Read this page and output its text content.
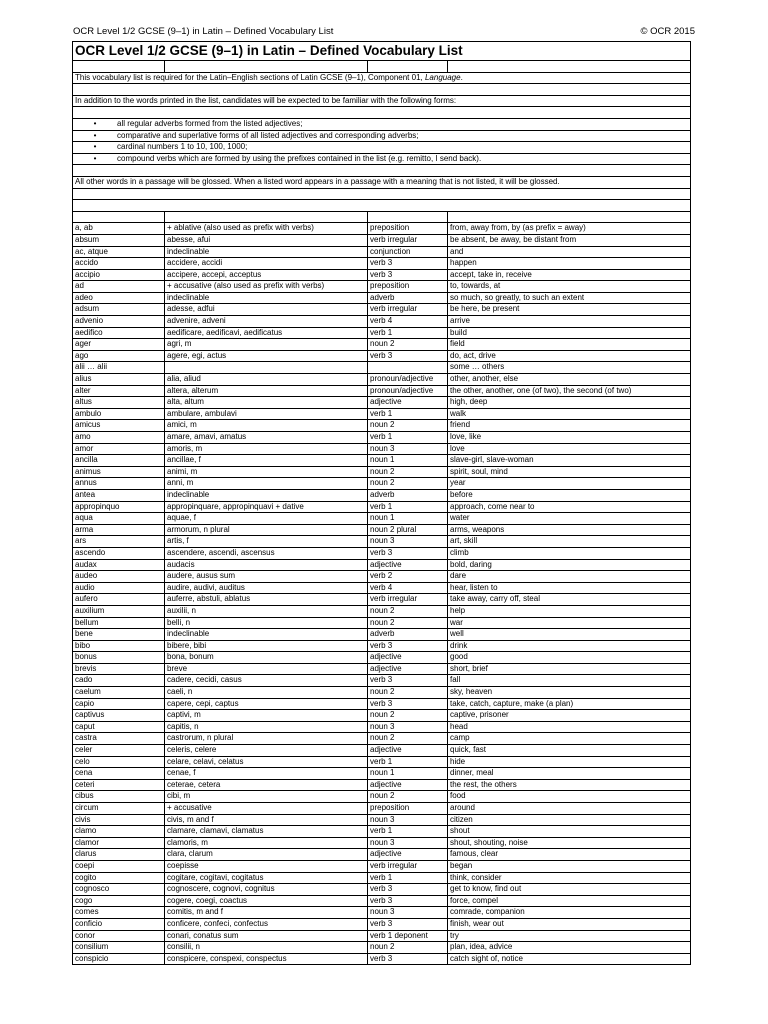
OCR Level 1/2 GCSE (9–1) in Latin – Defined Vocabulary List	© OCR 2015
OCR Level 1/2 GCSE (9–1) in Latin – Defined Vocabulary List			

This vocabulary list is required for the Latin–English sections of Latin GCSE (9–1), Component 01, Language.			

In addition to the words printed in the list, candidates will be expected to be familiar with the following forms:			

• all regular adverbs formed from the listed adjectives;			

• comparative and superlative forms of all listed adjectives and corresponding adverbs;			

• cardinal numbers 1 to 10, 100, 1000;			

• compound verbs which are formed by using the prefixes contained in the list (e.g. remitto, I send back).			

All other words in a passage will be glossed. When a listed word appears in a passage with a meaning that is not listed, it will be glossed.			

a, ab	+ ablative (also used as prefix with verbs)	preposition	from, away from, by (as prefix = away)
absum	abesse, afui	verb irregular	be absent, be away, be distant from
ac, atque	indeclinable	conjunction	and
accido	accidere, accidi	verb 3	happen
accipio	accipere, accepi, acceptus	verb 3	accept, take in, receive
ad	+ accusative (also used as prefix with verbs)	preposition	to, towards, at
adeo	indeclinable	adverb	so much, so greatly, to such an extent
adsum	adesse, adfui	verb irregular	be here, be present
advenio	advenire, adveni	verb 4	arrive
aedifico	aedificare, aedificavi, aedificatus	verb 1	build
ager	agri, m	noun 2	field
ago	agere, egi, actus	verb 3	do, act, drive
alii … alii			some … others
alius	alia, aliud	pronoun/adjective	other, another, else
alter	altera, alterum	pronoun/adjective	the other, another, one (of two), the second (of two)
altus	alta, altum	adjective	high, deep
ambulo	ambulare, ambulavi	verb 1	walk
amicus	amici, m	noun 2	friend
amo	amare, amavi, amatus	verb 1	love, like
amor	amoris, m	noun 3	love
ancilla	ancillae, f	noun 1	slave-girl, slave-woman
animus	animi, m	noun 2	spirit, soul, mind
annus	anni, m	noun 2	year
antea	indeclinable	adverb	before
appropinquo	appropinquare, appropinquavi + dative	verb 1	approach, come near to
aqua	aquae, f	noun 1	water
arma	armorum, n plural	noun 2 plural	arms, weapons
ars	artis, f	noun 3	art, skill
ascendo	ascendere, ascendi, ascensus	verb 3	climb
audax	audacis	adjective	bold, daring
audeo	audere, ausus sum	verb 2	dare
audio	audire, audivi, auditus	verb 4	hear, listen to
aufero	auferre, abstuli, ablatus	verb irregular	take away, carry off, steal
auxilium	auxilii, n	noun 2	help
bellum	belli, n	noun 2	war
bene	indeclinable	adverb	well
bibo	bibere, bibi	verb 3	drink
bonus	bona, bonum	adjective	good
brevis	breve	adjective	short, brief
cado	cadere, cecidi, casus	verb 3	fall
caelum	caeli, n	noun 2	sky, heaven
capio	capere, cepi, captus	verb 3	take, catch, capture, make (a plan)
captivus	captivi, m	noun 2	captive, prisoner
caput	capitis, n	noun 3	head
castra	castrorum, n plural	noun 2	camp
celer	celeris, celere	adjective	quick, fast
celo	celare, celavi, celatus	verb 1	hide
cena	cenae, f	noun 1	dinner, meal
ceteri	ceterae, cetera	adjective	the rest, the others
cibus	cibi, m	noun 2	food
circum	+ accusative	preposition	around
civis	civis, m and f	noun 3	citizen
clamo	clamare, clamavi, clamatus	verb 1	shout
clamor	clamoris, m	noun 3	shout, shouting, noise
clarus	clara, clarum	adjective	famous, clear
coepi	coepisse	verb irregular	began
cogito	cogitare, cogitavi, cogitatus	verb 1	think, consider
cognosco	cognoscere, cognovi, cognitus	verb 3	get to know, find out
cogo	cogere, coegi, coactus	verb 3	force, compel
comes	comitis, m and f	noun 3	comrade, companion
conficio	conficere, confeci, confectus	verb 3	finish, wear out
conor	conari, conatus sum	verb 1 deponent	try
consilium	consilii, n	noun 2	plan, idea, advice
conspicio	conspicere, conspexi, conspectus	verb 3	catch sight of, notice
